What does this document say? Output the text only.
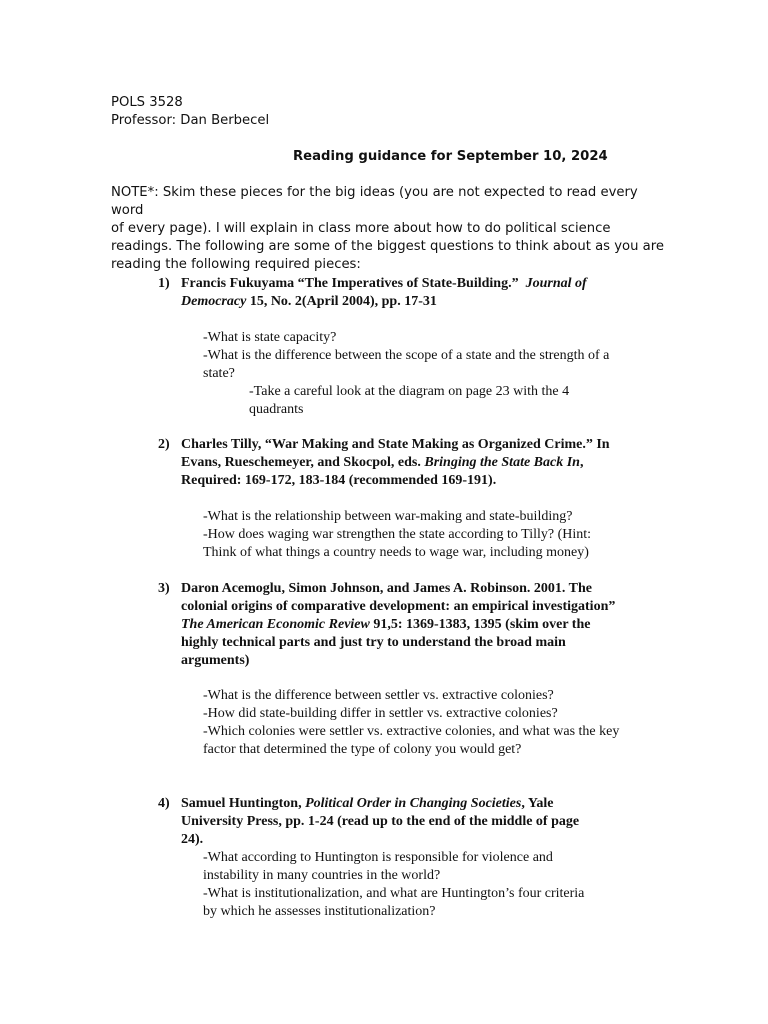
POLS 3528
Professor: Dan Berbecel
Reading guidance for September 10, 2024
NOTE*: Skim these pieces for the big ideas (you are not expected to read every word
of every page). I will explain in class more about how to do political science
readings. The following are some of the biggest questions to think about as you are
reading the following required pieces:
1) Francis Fukuyama “The Imperatives of State-Building.” Journal of
Democracy 15, No. 2(April 2004), pp. 17-31
-What is state capacity?
-What is the difference between the scope of a state and the strength of a
state?
-Take a careful look at the diagram on page 23 with the 4
quadrants
2) Charles Tilly, “War Making and State Making as Organized Crime.” In
Evans, Rueschemeyer, and Skocpol, eds. Bringing the State Back In,
Required: 169-172, 183-184 (recommended 169-191).
-What is the relationship between war-making and state-building?
-How does waging war strengthen the state according to Tilly? (Hint:
Think of what things a country needs to wage war, including money)
3) Daron Acemoglu, Simon Johnson, and James A. Robinson. 2001. The
colonial origins of comparative development: an empirical investigation”
The American Economic Review 91,5: 1369-1383, 1395 (skim over the
highly technical parts and just try to understand the broad main
arguments)
-What is the difference between settler vs. extractive colonies?
-How did state-building differ in settler vs. extractive colonies?
-Which colonies were settler vs. extractive colonies, and what was the key
factor that determined the type of colony you would get?
4) Samuel Huntington, Political Order in Changing Societies, Yale
University Press, pp. 1-24 (read up to the end of the middle of page
24).
-What according to Huntington is responsible for violence and
instability in many countries in the world?
-What is institutionalization, and what are Huntington’s four criteria
by which he assesses institutionalization?
